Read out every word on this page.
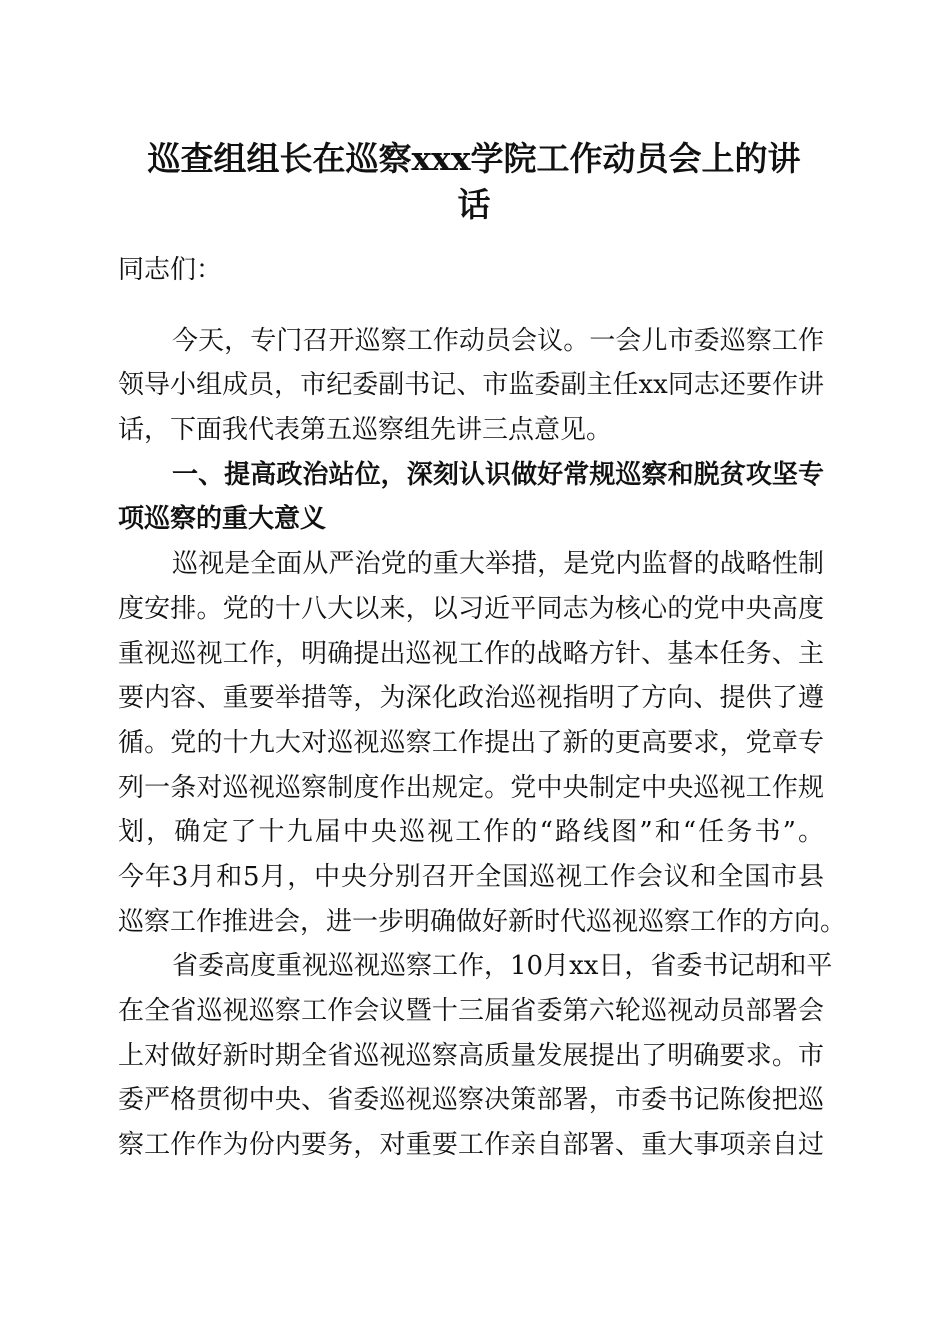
巡查组组长在巡察xxx学院工作动员会上的讲
话
同志们：
今天，专门召开巡察工作动员会议。一会儿市委巡察工作
领导小组成员，市纪委副书记、市监委副主任xx同志还要作讲
话，下面我代表第五巡察组先讲三点意见。
一、提高政治站位，深刻认识做好常规巡察和脱贫攻坚专
项巡察的重大意义
巡视是全面从严治党的重大举措，是党内监督的战略性制
度安排。党的十八大以来，以习近平同志为核心的党中央高度
重视巡视工作，明确提出巡视工作的战略方针、基本任务、主
要内容、重要举措等，为深化政治巡视指明了方向、提供了遵
循。党的十九大对巡视巡察工作提出了新的更高要求，党章专
列一条对巡视巡察制度作出规定。党中央制定中央巡视工作规
划，确定了十九届中央巡视工作的“路线图”和“任务书”。
今年3月和5月，中央分别召开全国巡视工作会议和全国市县
巡察工作推进会，进一步明确做好新时代巡视巡察工作的方向。
省委高度重视巡视巡察工作，10月xx日，省委书记胡和平
在全省巡视巡察工作会议暨十三届省委第六轮巡视动员部署会
上对做好新时期全省巡视巡察高质量发展提出了明确要求。市
委严格贯彻中央、省委巡视巡察决策部署，市委书记陈俊把巡
察工作作为份内要务，对重要工作亲自部署、重大事项亲自过
